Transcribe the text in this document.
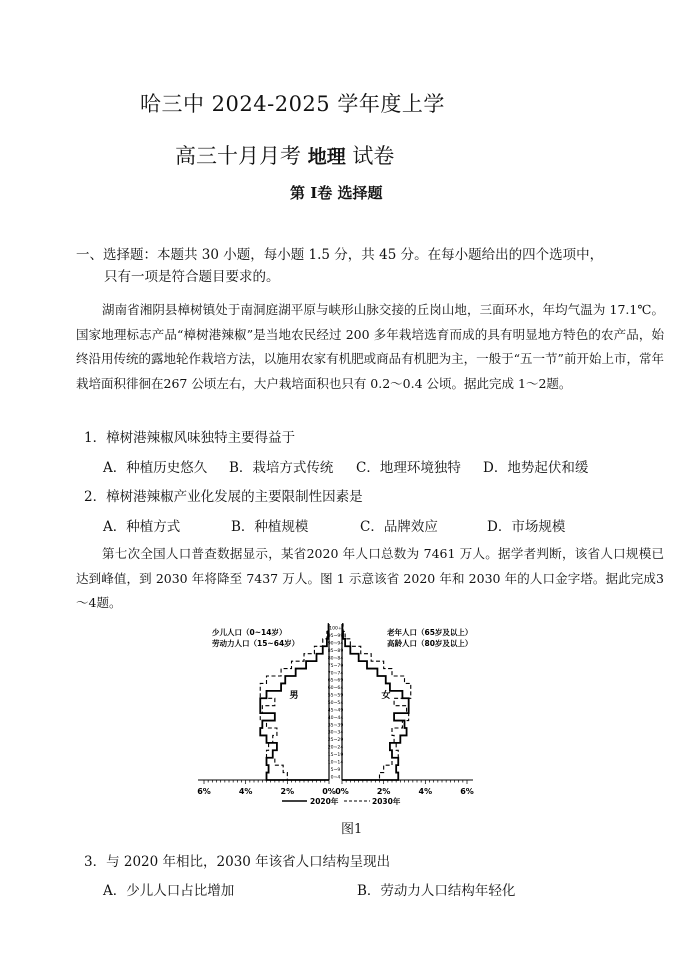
哈三中 2024-2025 学年度上学
高三十月月考 地理 试卷
第 I卷 选择题
一、选择题：本题共 30 小题，每小题 1.5 分，共 45 分。在每小题给出的四个选项中，
只有一项是符合题目要求的。
湖南省湘阴县樟树镇处于南洞庭湖平原与峡形山脉交接的丘岗山地，三面环水，年均气温为 17.1℃。国家地理标志产品“樟树港辣椒”是当地农民经过 200 多年栽培选育而成的具有明显地方特色的农产品，始终沿用传统的露地轮作栽培方法，以施用农家有机肥或商品有机肥为主，一般于“五一节”前开始上市，常年栽培面积徘徊在267 公顷左右，大户栽培面积也只有 0.2～0.4 公顷。据此完成 1～2题。
1．樟树港辣椒风味独特主要得益于
A．种植历史悠久 B．栽培方式传统 C．地理环境独特 D．地势起伏和缓
2．樟树港辣椒产业化发展的主要限制性因素是
A．种植方式	B．种植规模	C．品牌效应	D．市场规模
第七次全国人口普查数据显示，某省2020 年人口总数为 7461 万人。据学者判断，该省人口规模已达到峰值，到 2030 年将降至 7437 万人。图 1 示意该省 2020 年和 2030 年的人口金字塔。据此完成3～4题。
0~4
5~9
10~14
15~19
20~24
25~29
30~34
35~39
40~44
45~49
50~54
55~59
60~64
65~69
70~74
75~79
80~84
85~89
90~94
95~99
100+
6%	4%	2%	0% 0%	2%	4%	6%
男	女
少儿人口（0~14岁）
劳动力人口（15~64岁）
老年人口（65岁及以上）
高龄人口（80岁及以上）
2020年	2030年
图1
3．与 2020 年相比，2030 年该省人口结构呈现出
A．少儿人口占比增加	B．劳动力人口结构年轻化
